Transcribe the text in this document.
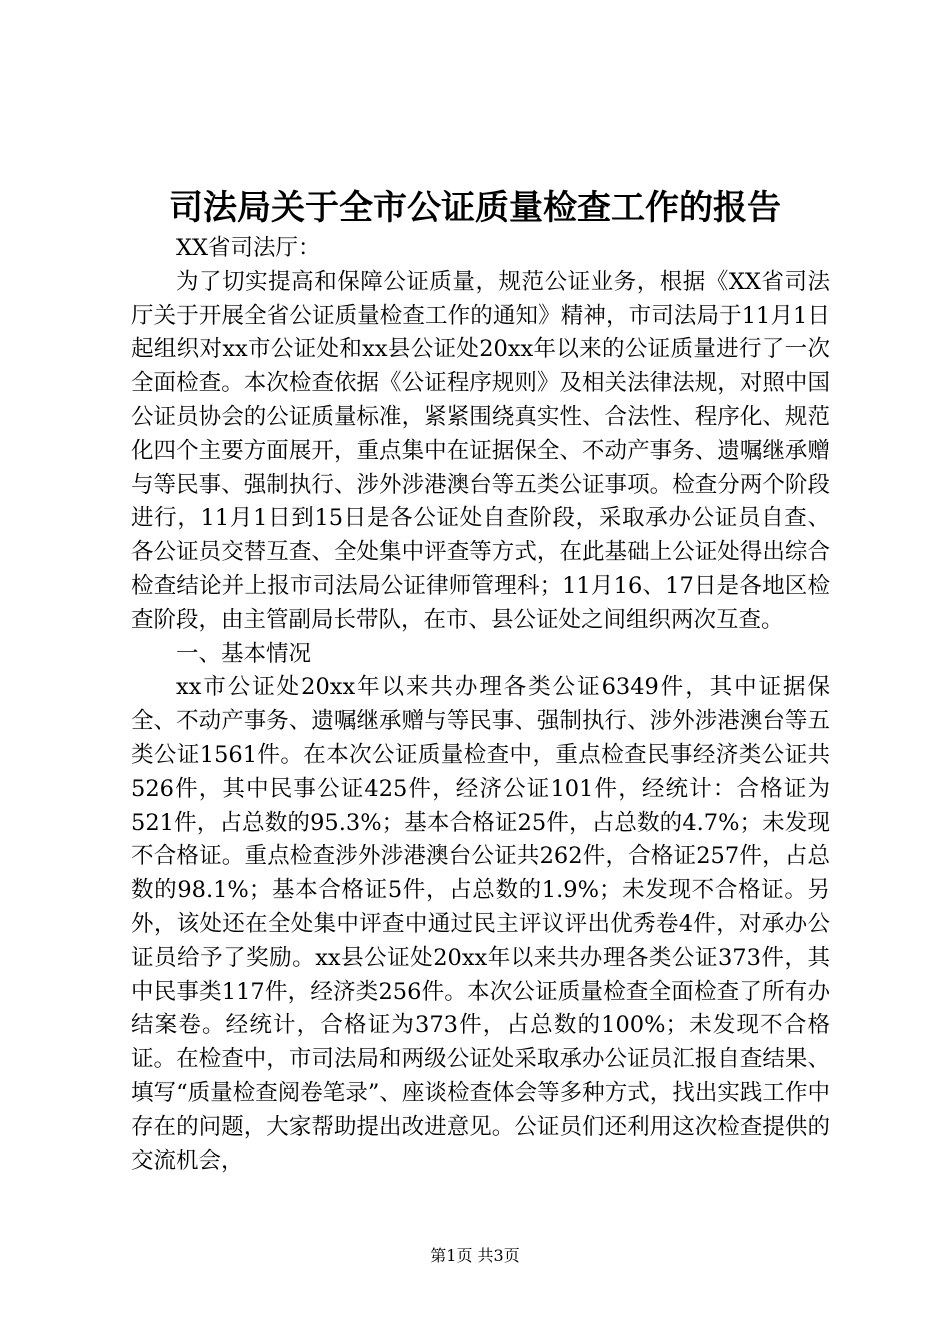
司法局关于全市公证质量检查工作的报告

XX省司法厅：

为了切实提高和保障公证质量，规范公证业务，根据《XX省司法厅关于开展全省公证质量检查工作的通知》精神，市司法局于11月1日起组织对xx市公证处和xx县公证处20xx年以来的公证质量进行了一次全面检查。本次检查依据《公证程序规则》及相关法律法规，对照中国公证员协会的公证质量标准，紧紧围绕真实性、合法性、程序化、规范化四个主要方面展开，重点集中在证据保全、不动产事务、遗嘱继承赠与等民事、强制执行、涉外涉港澳台等五类公证事项。检查分两个阶段进行，11月1日到15日是各公证处自查阶段，采取承办公证员自查、各公证员交替互查、全处集中评查等方式，在此基础上公证处得出综合检查结论并上报市司法局公证律师管理科；11月16、17日是各地区检查阶段，由主管副局长带队，在市、县公证处之间组织两次互查。

一、基本情况

xx市公证处20xx年以来共办理各类公证6349件，其中证据保全、不动产事务、遗嘱继承赠与等民事、强制执行、涉外涉港澳台等五类公证1561件。在本次公证质量检查中，重点检查民事经济类公证共526件，其中民事公证425件，经济公证101件，经统计：合格证为521件，占总数的95.3%；基本合格证25件，占总数的4.7%；未发现不合格证。重点检查涉外涉港澳台公证共262件，合格证257件，占总数的98.1%；基本合格证5件，占总数的1.9%；未发现不合格证。另外，该处还在全处集中评查中通过民主评议评出优秀卷4件，对承办公证员给予了奖励。xx县公证处20xx年以来共办理各类公证373件，其中民事类117件，经济类256件。本次公证质量检查全面检查了所有办结案卷。经统计，合格证为373件，占总数的100%；未发现不合格证。在检查中，市司法局和两级公证处采取承办公证员汇报自查结果、填写“质量检查阅卷笔录”、座谈检查体会等多种方式，找出实践工作中存在的问题，大家帮助提出改进意见。公证员们还利用这次检查提供的交流机会，

第1页 共3页
